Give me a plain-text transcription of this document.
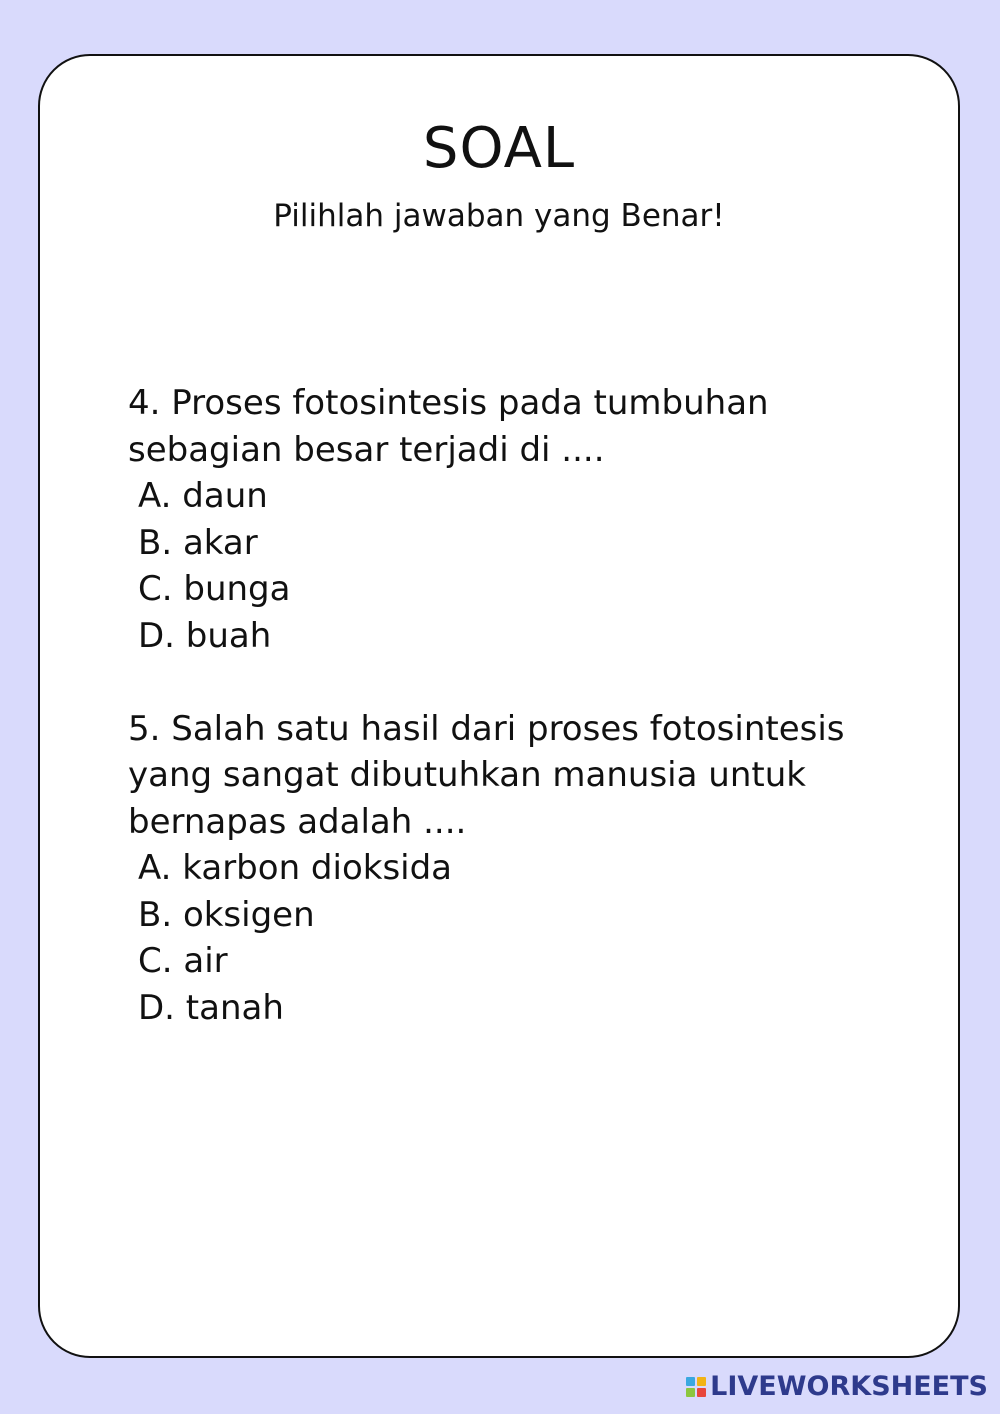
SOAL
Pilihlah jawaban yang Benar!
4. Proses fotosintesis pada tumbuhan
sebagian besar terjadi di ....
A. daun
B. akar
C. bunga
D. buah
5. Salah satu hasil dari proses fotosintesis
yang sangat dibutuhkan manusia untuk
bernapas adalah ....
A. karbon dioksida
B. oksigen
C. air
D. tanah
LIVEWORKSHEETS
